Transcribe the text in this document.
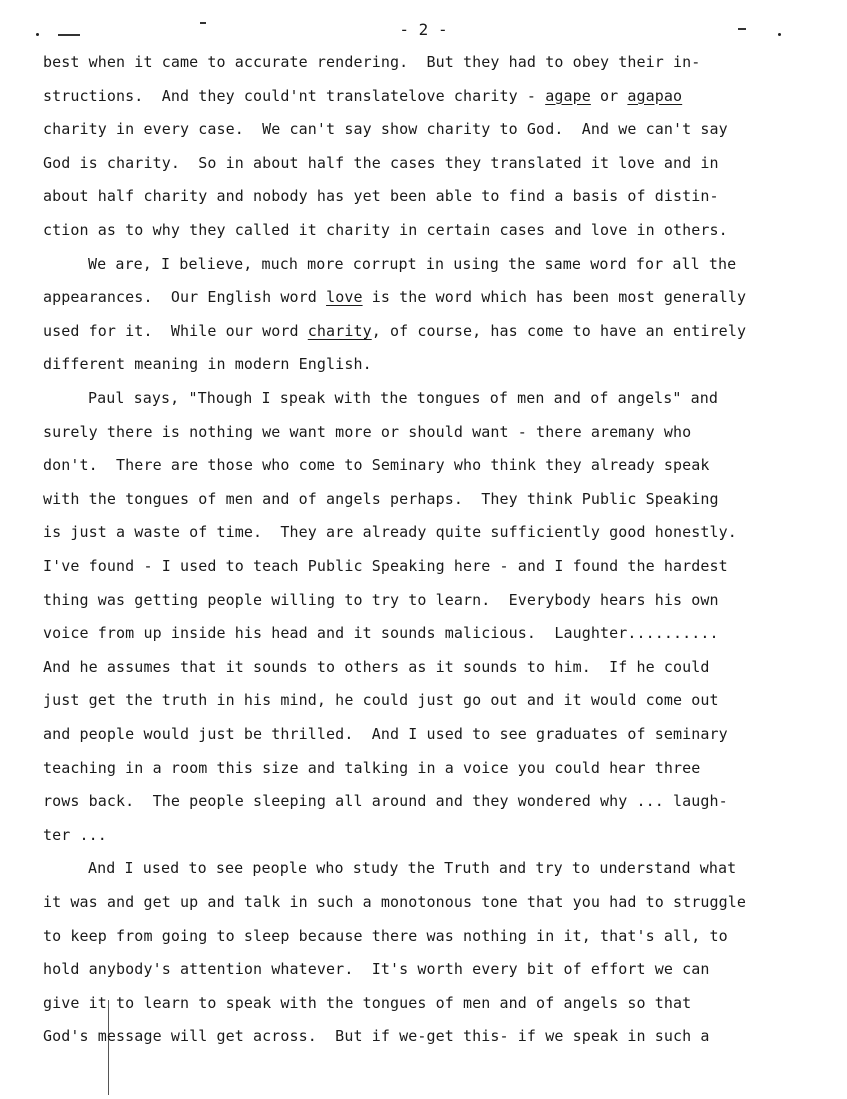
- 2 -
best when it came to accurate rendering.  But they had to obey their in-
structions.  And they could'nt translatelove charity - agape or agapao
charity in every case.  We can't say show charity to God.  And we can't say
God is charity.  So in about half the cases they translated it love and in
about half charity and nobody has yet been able to find a basis of distin-
ction as to why they called it charity in certain cases and love in others.
We are, I believe, much more corrupt in using the same word for all the
appearances.  Our English word love is the word which has been most generally
used for it.  While our word charity, of course, has come to have an entirely
different meaning in modern English.
Paul says, "Though I speak with the tongues of men and of angels" and
surely there is nothing we want more or should want - there aremany who
don't.  There are those who come to Seminary who think they already speak
with the tongues of men and of angels perhaps.  They think Public Speaking
is just a waste of time.  They are already quite sufficiently good honestly.
I've found - I used to teach Public Speaking here - and I found the hardest
thing was getting people willing to try to learn.  Everybody hears his own
voice from up inside his head and it sounds malicious.  Laughter..........
And he assumes that it sounds to others as it sounds to him.  If he could
just get the truth in his mind, he could just go out and it would come out
and people would just be thrilled.  And I used to see graduates of seminary
teaching in a room this size and talking in a voice you could hear three
rows back.  The people sleeping all around and they wondered why ... laugh-
ter ...
And I used to see people who study the Truth and try to understand what
it was and get up and talk in such a monotonous tone that you had to struggle
to keep from going to sleep because there was nothing in it, that's all, to
hold anybody's attention whatever.  It's worth every bit of effort we can
give it to learn to speak with the tongues of men and of angels so that
God's message will get across.  But if we-get this- if we speak in such a
